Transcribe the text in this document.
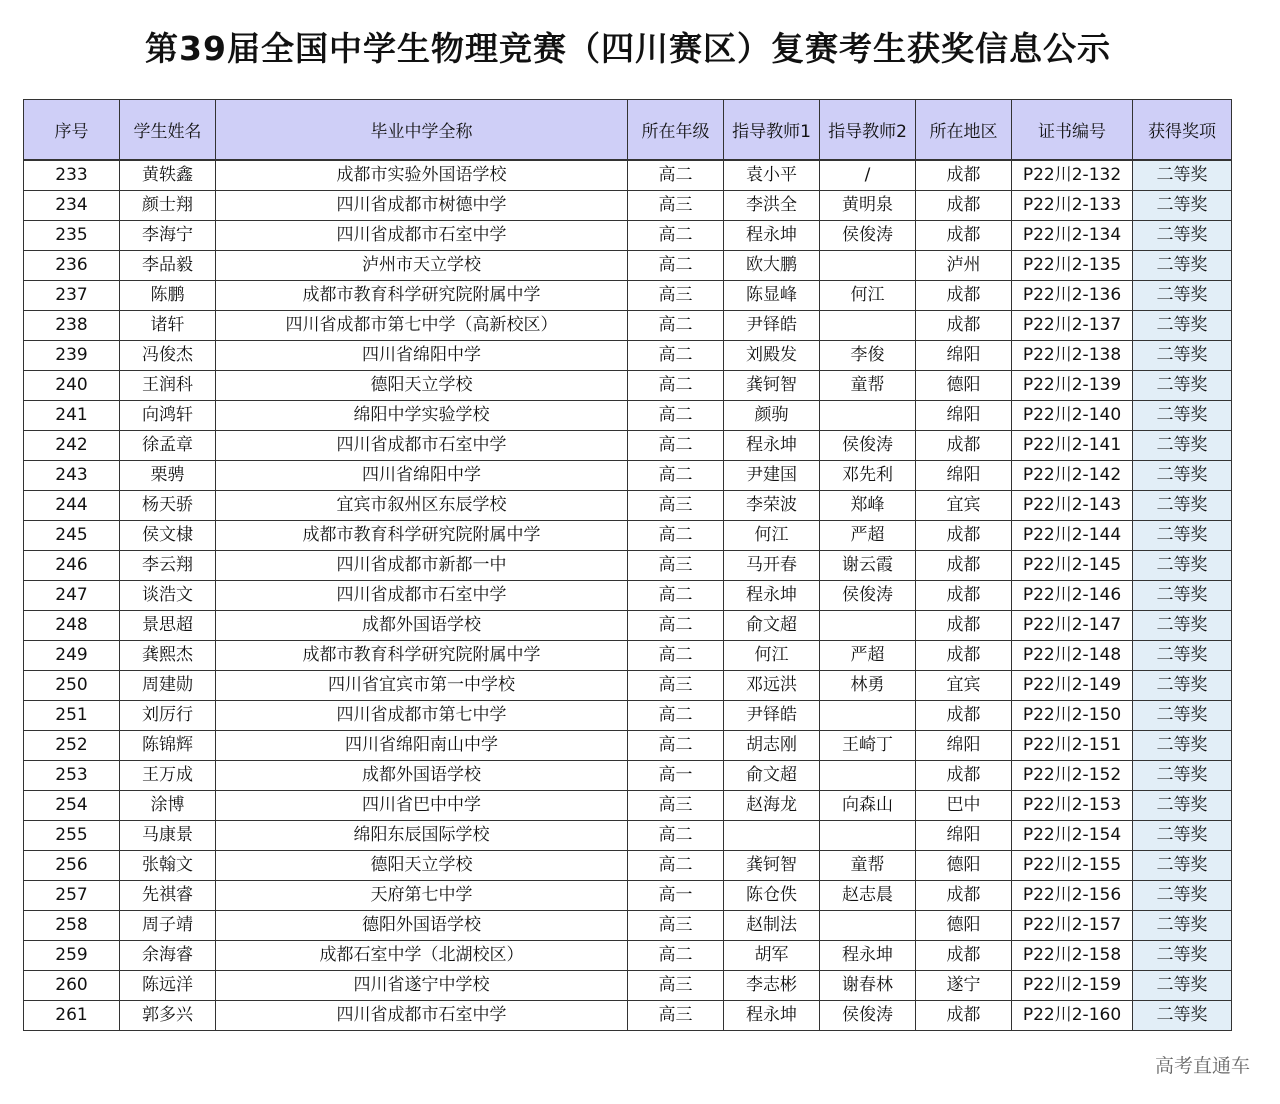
第39届全国中学生物理竞赛（四川赛区）复赛考生获奖信息公示
序号	学生姓名	毕业中学全称	所在年级	指导教师1	指导教师2	所在地区	证书编号	获得奖项
233	黄轶鑫	成都市实验外国语学校	高二	袁小平	/	成都	P22川2-132	二等奖
234	颜士翔	四川省成都市树德中学	高三	李洪全	黄明泉	成都	P22川2-133	二等奖
235	李海宁	四川省成都市石室中学	高二	程永坤	侯俊涛	成都	P22川2-134	二等奖
236	李品毅	泸州市天立学校	高二	欧大鹏		泸州	P22川2-135	二等奖
237	陈鹏	成都市教育科学研究院附属中学	高三	陈显峰	何江	成都	P22川2-136	二等奖
238	诸轩	四川省成都市第七中学（高新校区）	高二	尹铎皓		成都	P22川2-137	二等奖
239	冯俊杰	四川省绵阳中学	高二	刘殿发	李俊	绵阳	P22川2-138	二等奖
240	王润科	德阳天立学校	高二	龚钶智	童帮	德阳	P22川2-139	二等奖
241	向鸿轩	绵阳中学实验学校	高二	颜驹		绵阳	P22川2-140	二等奖
242	徐孟章	四川省成都市石室中学	高二	程永坤	侯俊涛	成都	P22川2-141	二等奖
243	栗骋	四川省绵阳中学	高二	尹建国	邓先利	绵阳	P22川2-142	二等奖
244	杨天骄	宜宾市叙州区东辰学校	高三	李荣波	郑峰	宜宾	P22川2-143	二等奖
245	侯文棣	成都市教育科学研究院附属中学	高二	何江	严超	成都	P22川2-144	二等奖
246	李云翔	四川省成都市新都一中	高三	马开春	谢云霞	成都	P22川2-145	二等奖
247	谈浩文	四川省成都市石室中学	高二	程永坤	侯俊涛	成都	P22川2-146	二等奖
248	景思超	成都外国语学校	高二	俞文超		成都	P22川2-147	二等奖
249	龚熙杰	成都市教育科学研究院附属中学	高二	何江	严超	成都	P22川2-148	二等奖
250	周建勋	四川省宜宾市第一中学校	高三	邓远洪	林勇	宜宾	P22川2-149	二等奖
251	刘厉行	四川省成都市第七中学	高二	尹铎皓		成都	P22川2-150	二等奖
252	陈锦辉	四川省绵阳南山中学	高二	胡志刚	王崎丁	绵阳	P22川2-151	二等奖
253	王万成	成都外国语学校	高一	俞文超		成都	P22川2-152	二等奖
254	涂博	四川省巴中中学	高三	赵海龙	向森山	巴中	P22川2-153	二等奖
255	马康景	绵阳东辰国际学校	高二			绵阳	P22川2-154	二等奖
256	张翰文	德阳天立学校	高二	龚钶智	童帮	德阳	P22川2-155	二等奖
257	先祺睿	天府第七中学	高一	陈仓佚	赵志晨	成都	P22川2-156	二等奖
258	周子靖	德阳外国语学校	高三	赵制法		德阳	P22川2-157	二等奖
259	余海睿	成都石室中学（北湖校区）	高二	胡军	程永坤	成都	P22川2-158	二等奖
260	陈远洋	四川省遂宁中学校	高三	李志彬	谢春林	遂宁	P22川2-159	二等奖
261	郭多兴	四川省成都市石室中学	高三	程永坤	侯俊涛	成都	P22川2-160	二等奖
高考直通车
